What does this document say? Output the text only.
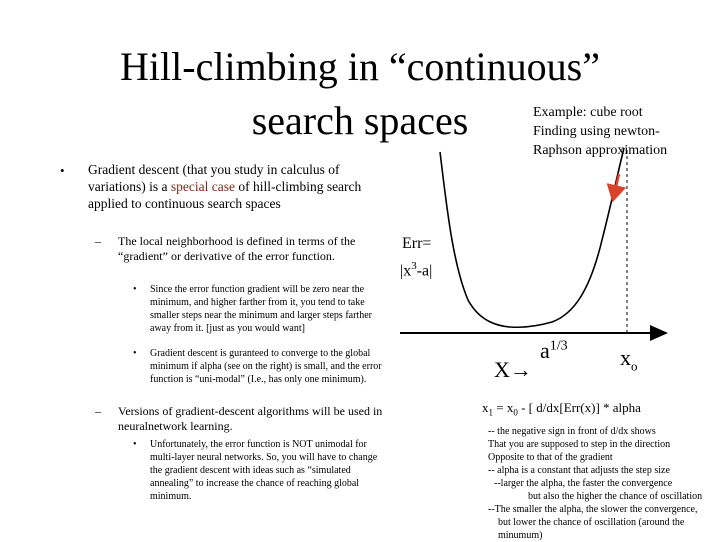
Hill-climbing in “continuous”
search spaces	Example: cube root
Finding using newton-
Raphson approximation
• Gradient descent (that you study in calculus of variations) is a special case of hill-climbing search applied to continuous search spaces
– The local neighborhood is defined in terms of the “gradient” or derivative of the error function.
• Since the error function gradient will be zero near the minimum, and higher farther from it, you tend to take smaller steps near the minimum and larger steps farther away from it. [just as you would want]
• Gradient descent is guranteed to converge to the global minimum if alpha (see on the right) is small, and the error function is “uni-modal” (I.e., has only one minimum).
– Versions of gradient-descent algorithms will be used in neuralnetwork learning.
• Unfortunately, the error function is NOT unimodal for multi-layer neural networks. So, you will have to change the gradient descent with ideas such as “simulated annealing” to increase the chance of reaching global minimum.
Err=
$|x^3-a|$
X→
$a^{1/3}$ $x_o$
$x_1 = x_0$ - [ d/dx[Err(x)] * alpha
-- the negative sign in front of d/dx shows
That you are supposed to step in the direction
Opposite to that of the gradient
-- alpha is a constant that adjusts the step size
--larger the alpha, the faster the convergence
but also the higher the chance of oscillation
--The smaller the alpha, the slower the convergence,
but lower the chance of oscillation (around the
minumum)
